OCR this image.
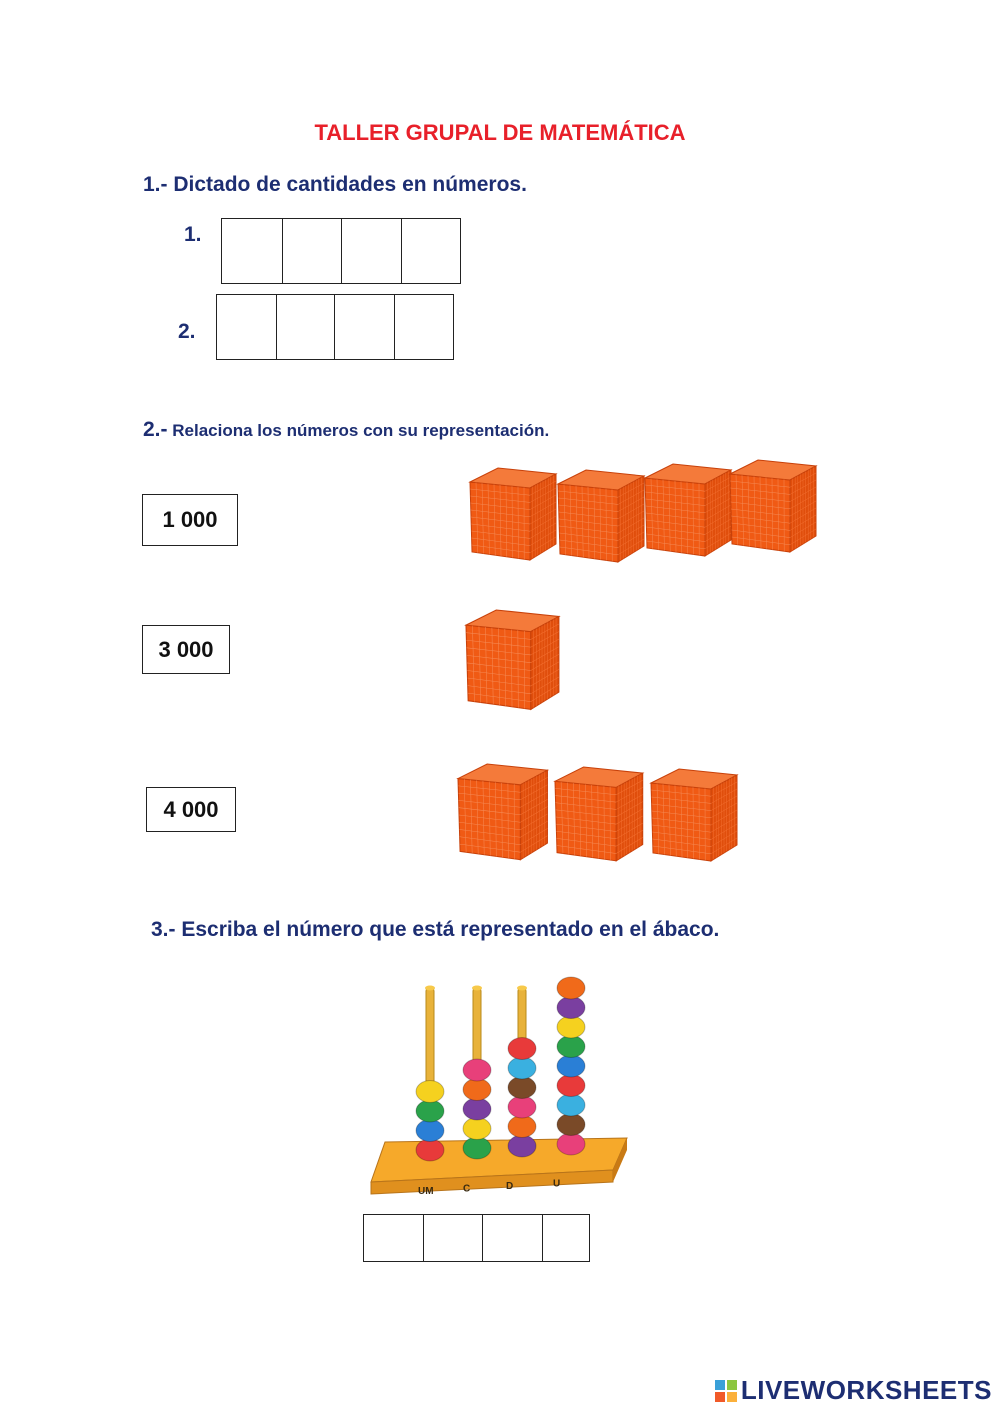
TALLER GRUPAL DE MATEMÁTICA
1.- Dictado de cantidades en números.
1.
2.
2.- Relaciona los números con su representación.
1 000
3 000
4 000
3.- Escriba el número que está representado en el ábaco.
UM	C	D	U
LIVEWORKSHEETS
